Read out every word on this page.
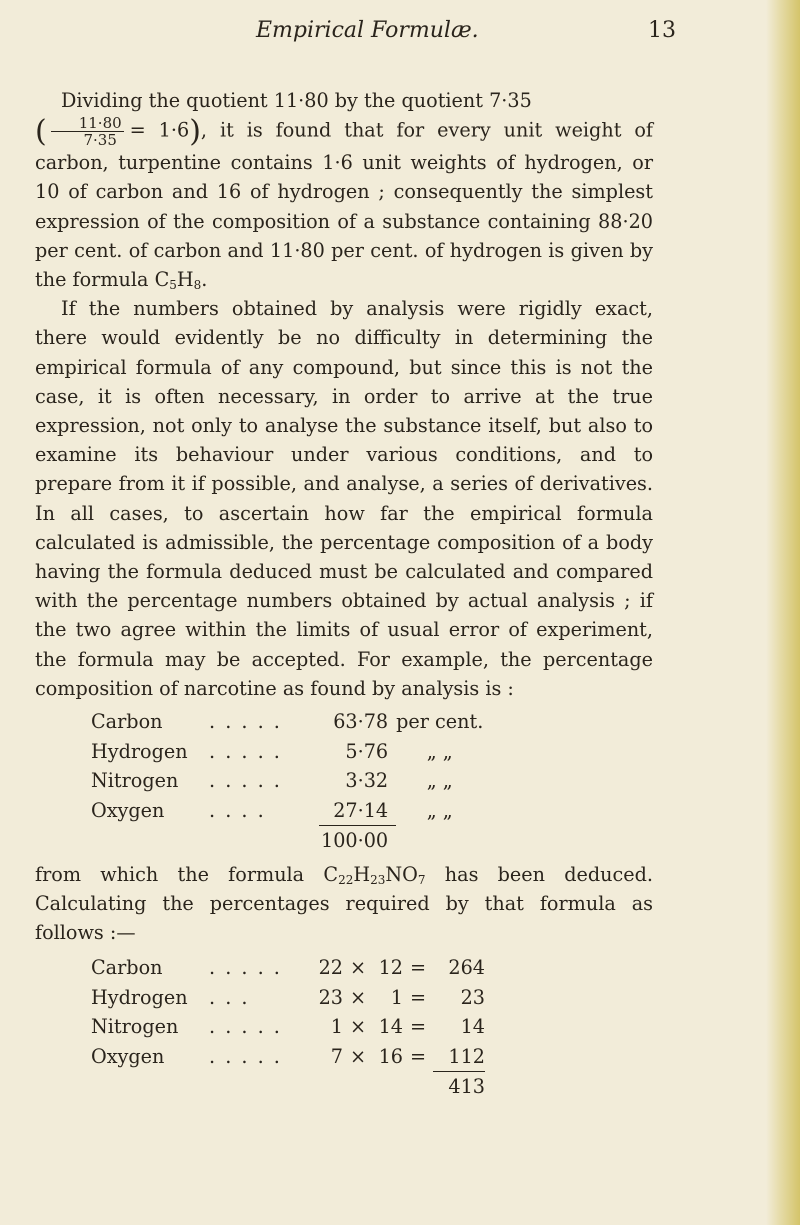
Empirical Formulæ.	13

Dividing the quotient 11·80 by the quotient 7·35
( $\frac{11\cdot 80}{7\cdot 35} = 1\cdot 6$), it is found that for every unit weight of carbon, turpentine contains 1·6 unit weights of hydrogen, or 10 of carbon and 16 of hydrogen ; consequently the simplest expression of the composition of a substance containing 88·20 per cent. of carbon and 11·80 per cent. of hydrogen is given by the formula $C_5H_8$.

If the numbers obtained by analysis were rigidly exact, there would evidently be no difficulty in determining the empirical formula of any compound, but since this is not the case, it is often necessary, in order to arrive at the true expression, not only to analyse the substance itself, but also to examine its behaviour under various conditions, and to prepare from it if possible, and analyse, a series of derivatives. In all cases, to ascertain how far the empirical formula calculated is admissible, the percentage composition of a body having the formula deduced must be calculated and compared with the percentage numbers obtained by actual analysis ; if the two agree within the limits of usual error of experiment, the formula may be accepted. For example, the percentage composition of narcotine as found by analysis is :

Carbon	. . . . .	63·78	per cent.
Hydrogen	. . . . .	5·76	„ „
Nitrogen	. . . . .	3·32	„ „
Oxygen	. . . .	27·14	„ „
		100·00	

from which the formula $C_{22}H_{23}NO_7$ has been deduced. Calculating the percentages required by that formula as follows :—

Carbon	. . . . .	22	×	12	=	264
Hydrogen	. . .	23	×	1	=	23
Nitrogen	. . . . .	1	×	14	=	14
Oxygen	. . . . .	7	×	16	=	112
						413
